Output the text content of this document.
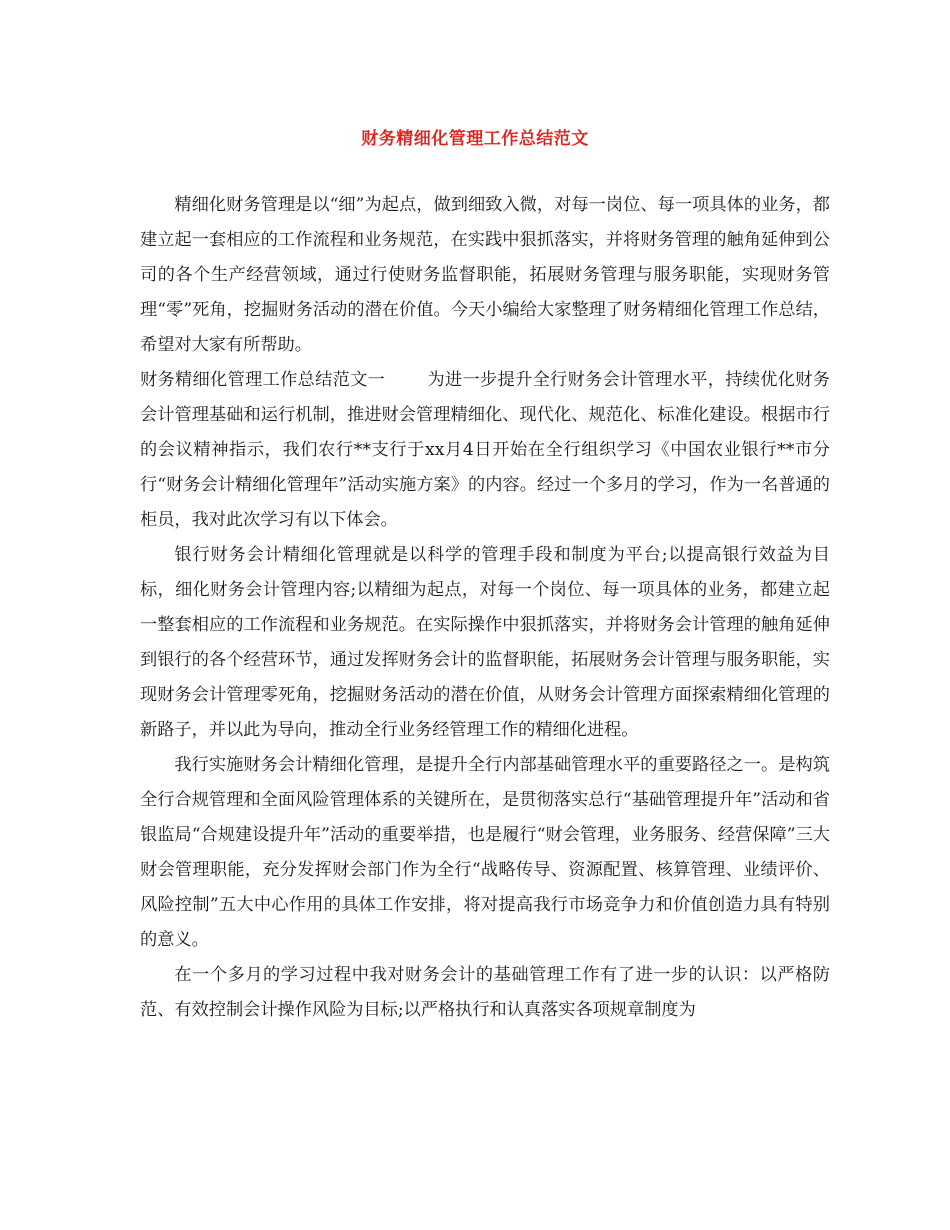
财务精细化管理工作总结范文

精细化财务管理是以“细”为起点，做到细致入微，对每一岗位、每一项具体的业务，都建立起一套相应的工作流程和业务规范，在实践中狠抓落实，并将财务管理的触角延伸到公司的各个生产经营领域，通过行使财务监督职能，拓展财务管理与服务职能，实现财务管理“零”死角，挖掘财务活动的潜在价值。今天小编给大家整理了财务精细化管理工作总结，希望对大家有所帮助。

财务精细化管理工作总结范文一 为进一步提升全行财务会计管理水平，持续优化财务会计管理基础和运行机制，推进财会管理精细化、现代化、规范化、标准化建设。根据市行的会议精神指示，我们农行**支行于xx月4日开始在全行组织学习《中国农业银行**市分行“财务会计精细化管理年”活动实施方案》的内容。经过一个多月的学习，作为一名普通的柜员，我对此次学习有以下体会。

银行财务会计精细化管理就是以科学的管理手段和制度为平台;以提高银行效益为目标，细化财务会计管理内容;以精细为起点，对每一个岗位、每一项具体的业务，都建立起一整套相应的工作流程和业务规范。在实际操作中狠抓落实，并将财务会计管理的触角延伸到银行的各个经营环节，通过发挥财务会计的监督职能，拓展财务会计管理与服务职能，实现财务会计管理零死角，挖掘财务活动的潜在价值，从财务会计管理方面探索精细化管理的新路子，并以此为导向，推动全行业务经管理工作的精细化进程。

我行实施财务会计精细化管理，是提升全行内部基础管理水平的重要路径之一。是构筑全行合规管理和全面风险管理体系的关键所在，是贯彻落实总行“基础管理提升年”活动和省银监局“合规建设提升年”活动的重要举措，也是履行“财会管理，业务服务、经营保障”三大财会管理职能，充分发挥财会部门作为全行“战略传导、资源配置、核算管理、业绩评价、风险控制”五大中心作用的具体工作安排，将对提高我行市场竞争力和价值创造力具有特别的意义。

在一个多月的学习过程中我对财务会计的基础管理工作有了进一步的认识：以严格防范、有效控制会计操作风险为目标;以严格执行和认真落实各项规章制度为
